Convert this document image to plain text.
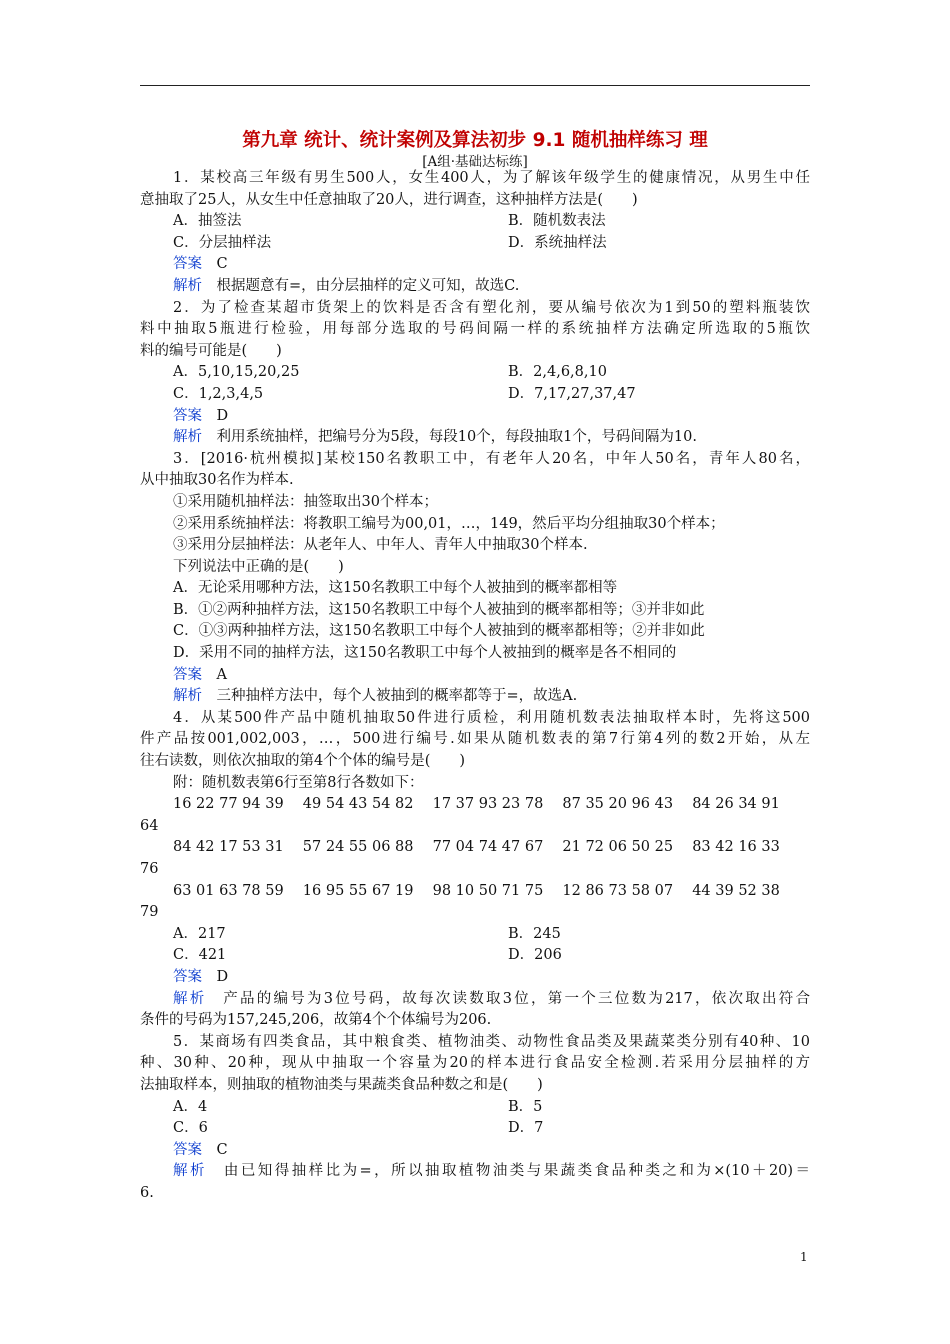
第九章 统计、统计案例及算法初步 9.1 随机抽样练习 理
[A组·基础达标练]
1．某校高三年级有男生500人，女生400人，为了解该年级学生的健康情况，从男生中任
意抽取了25人，从女生中任意抽取了20人，进行调查，这种抽样方法是(　　)
A．抽签法	B．随机数表法
C．分层抽样法	D．系统抽样法
答案　 C
解析　 根据题意有=，由分层抽样的定义可知，故选C.
2．为了检查某超市货架上的饮料是否含有塑化剂，要从编号依次为1到50的塑料瓶装饮
料中抽取5瓶进行检验，用每部分选取的号码间隔一样的系统抽样方法确定所选取的5瓶饮
料的编号可能是(　　)
A．5,10,15,20,25	B．2,4,6,8,10
C．1,2,3,4,5	D．7,17,27,37,47
答案　 D
解析　 利用系统抽样，把编号分为5段，每段10个，每段抽取1个，号码间隔为10.
3．[2016·杭州模拟]某校150名教职工中，有老年人20名，中年人50名，青年人80名，
从中抽取30名作为样本.
①采用随机抽样法：抽签取出30个样本；
②采用系统抽样法：将教职工编号为00,01，…，149，然后平均分组抽取30个样本；
③采用分层抽样法：从老年人、中年人、青年人中抽取30个样本.
下列说法中正确的是(　　)
A．无论采用哪种方法，这150名教职工中每个人被抽到的概率都相等
B．①②两种抽样方法，这150名教职工中每个人被抽到的概率都相等；③并非如此
C．①③两种抽样方法，这150名教职工中每个人被抽到的概率都相等；②并非如此
D．采用不同的抽样方法，这150名教职工中每个人被抽到的概率是各不相同的
答案　 A
解析　 三种抽样方法中，每个人被抽到的概率都等于=，故选A.
4．从某500件产品中随机抽取50件进行质检，利用随机数表法抽取样本时，先将这500
件产品按001,002,003，…，500进行编号.如果从随机数表的第7行第4列的数2开始，从左
往右读数，则依次抽取的第4个个体的编号是(　　)
附：随机数表第6行至第8行各数如下：
16 22 77 94 39　 49 54 43 54 82　 17 37 93 23 78　 87 35 20 96 43　 84 26 34 91
64
84 42 17 53 31　 57 24 55 06 88　 77 04 74 47 67　 21 72 06 50 25　 83 42 16 33
76
63 01 63 78 59　 16 95 55 67 19　 98 10 50 71 75　 12 86 73 58 07　 44 39 52 38
79
A．217	B．245
C．421	D．206
答案　 D
解析　 产品的编号为3位号码，故每次读数取3位，第一个三位数为217，依次取出符合
条件的号码为157,245,206，故第4个个体编号为206.
5．某商场有四类食品，其中粮食类、植物油类、动物性食品类及果蔬菜类分别有40种、10
种、30种、20种，现从中抽取一个容量为20的样本进行食品安全检测.若采用分层抽样的方
法抽取样本，则抽取的植物油类与果蔬类食品种数之和是(　　)
A．4	B．5
C．6	D．7
答案　 C
解析　 由已知得抽样比为=，所以抽取植物油类与果蔬类食品种类之和为×(10＋20)＝
6.
1
